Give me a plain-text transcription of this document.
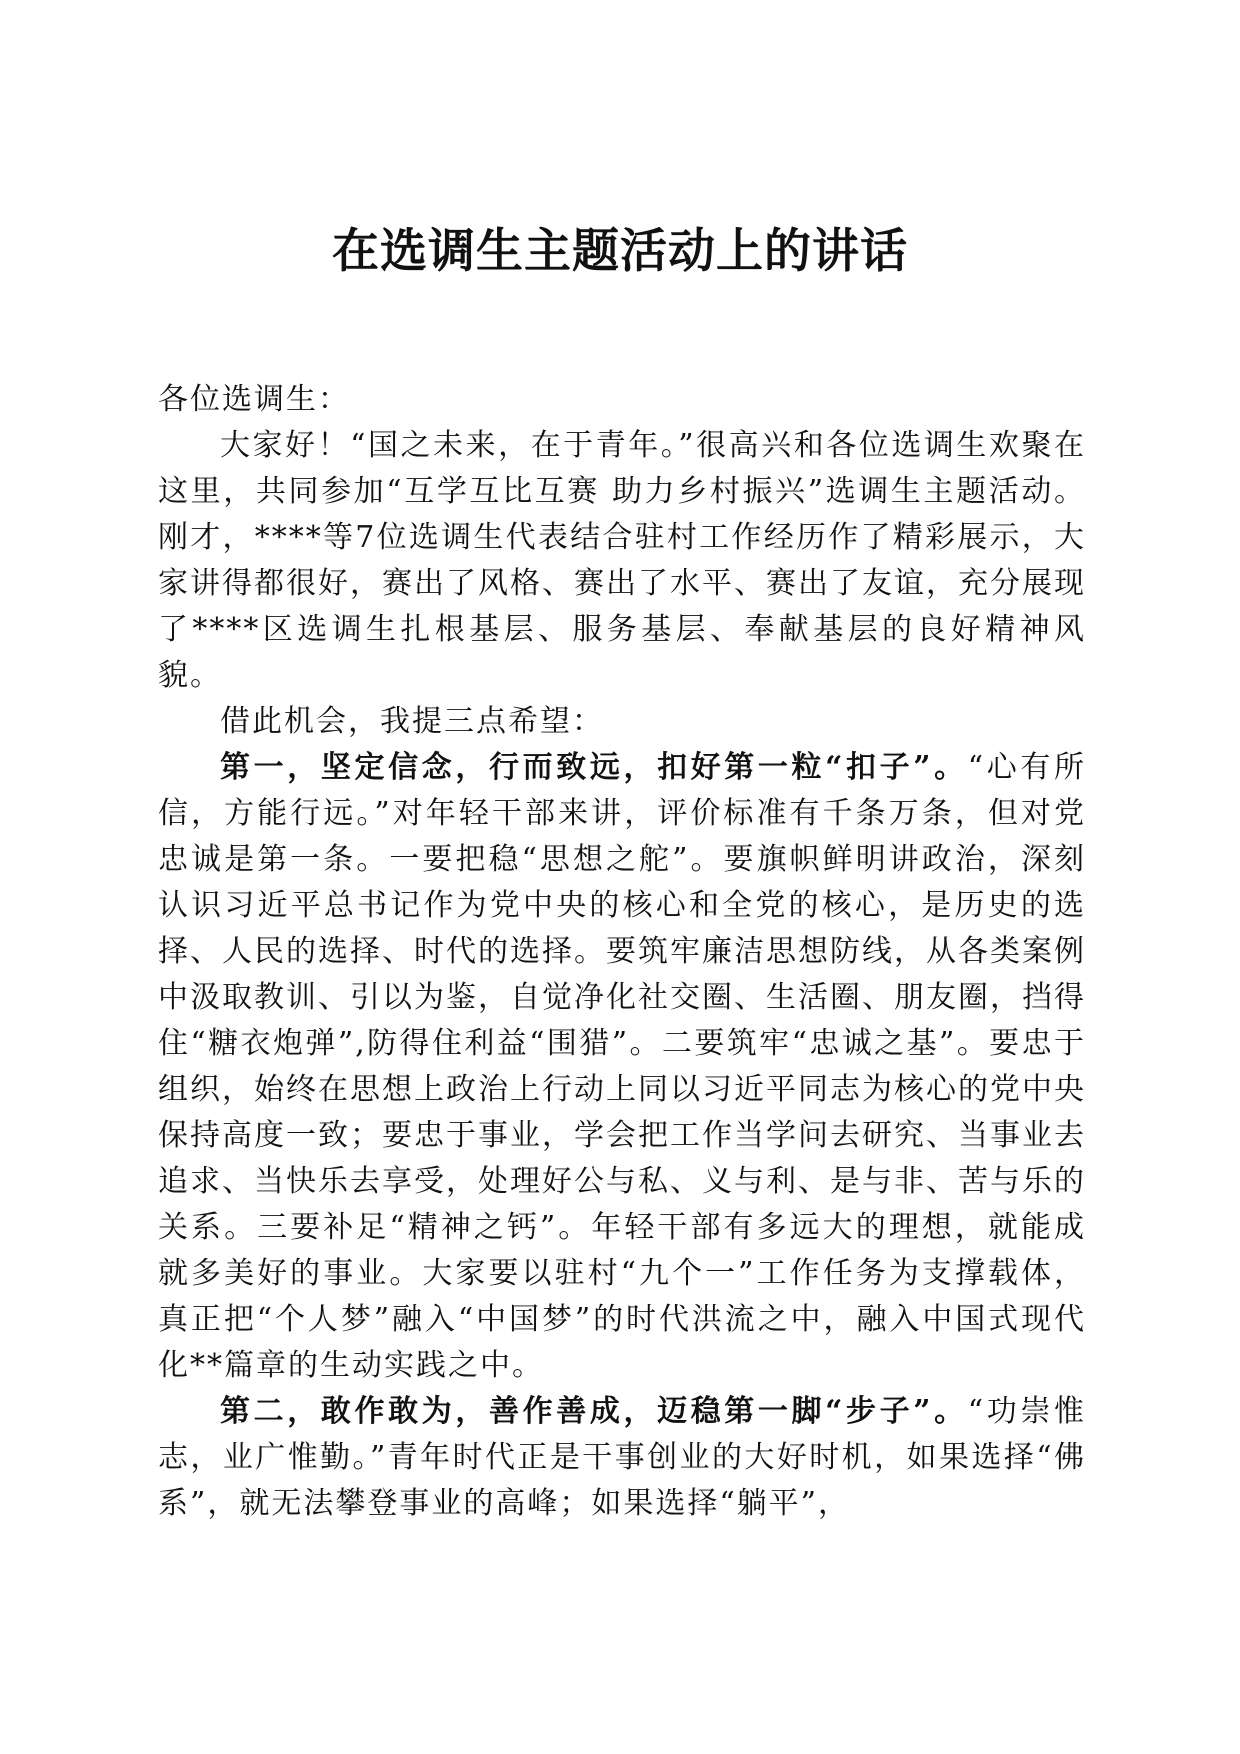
在选调生主题活动上的讲话

各位选调生：

大家好！“国之未来，在于青年。”很高兴和各位选调生欢聚在这里，共同参加“互学互比互赛 助力乡村振兴”选调生主题活动。刚才，****等7位选调生代表结合驻村工作经历作了精彩展示，大家讲得都很好，赛出了风格、赛出了水平、赛出了友谊，充分展现了****区选调生扎根基层、服务基层、奉献基层的良好精神风貌。

借此机会，我提三点希望：

第一，坚定信念，行而致远，扣好第一粒“扣子”。“心有所信，方能行远。”对年轻干部来讲，评价标准有千条万条，但对党忠诚是第一条。一要把稳“思想之舵”。要旗帜鲜明讲政治，深刻认识习近平总书记作为党中央的核心和全党的核心，是历史的选择、人民的选择、时代的选择。要筑牢廉洁思想防线，从各类案例中汲取教训、引以为鉴，自觉净化社交圈、生活圈、朋友圈，挡得住“糖衣炮弹”,防得住利益“围猎”。二要筑牢“忠诚之基”。要忠于组织，始终在思想上政治上行动上同以习近平同志为核心的党中央保持高度一致；要忠于事业，学会把工作当学问去研究、当事业去追求、当快乐去享受，处理好公与私、义与利、是与非、苦与乐的关系。三要补足“精神之钙”。年轻干部有多远大的理想，就能成就多美好的事业。大家要以驻村“九个一”工作任务为支撑载体，真正把“个人梦”融入“中国梦”的时代洪流之中，融入中国式现代化**篇章的生动实践之中。

第二，敢作敢为，善作善成，迈稳第一脚“步子”。“功崇惟志，业广惟勤。”青年时代正是干事创业的大好时机，如果选择“佛系”，就无法攀登事业的高峰；如果选择“躺平”，
